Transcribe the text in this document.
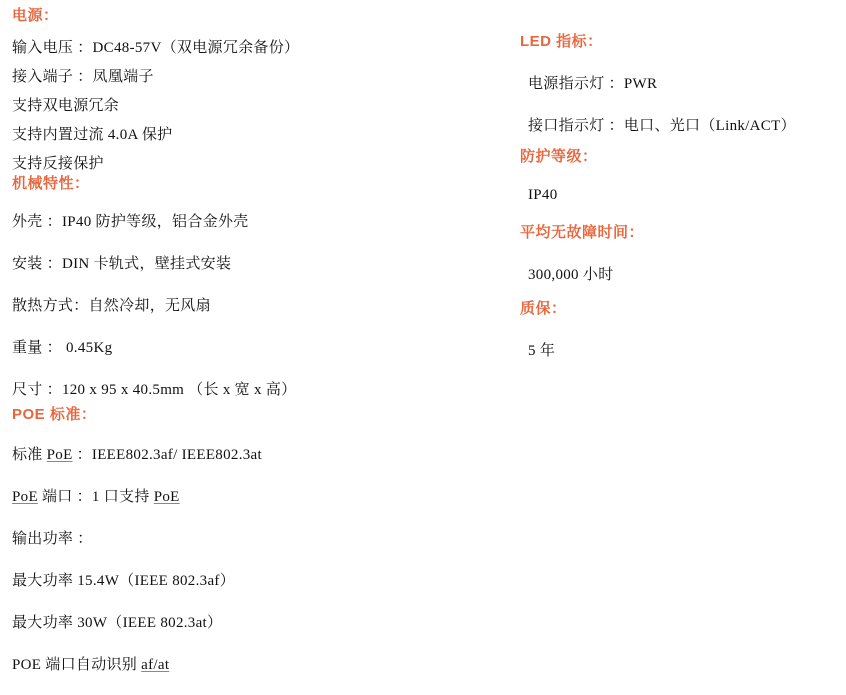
电源：
输入电压 ：DC48-57V（双电源冗余备份）
接入端子 ：凤凰端子
支持双电源冗余
支持内置过流 4.0A 保护
支持反接保护
机械特性：
外壳 ：IP40 防护等级，铝合金外壳
安装 ：DIN 卡轨式，壁挂式安装
散热方式：自然冷却，无风扇
重量 ： 0.45Kg
尺寸 ：120 x 95 x 40.5mm （长 x 宽 x 高）
POE 标准：
标准 PoE ：IEEE802.3af/ IEEE802.3at
PoE 端口 ：1 口支持 PoE
输出功率 ：
最大功率 15.4W（IEEE 802.3af）
最大功率 30W（IEEE 802.3at）
POE 端口自动识别 af/at
LED 指标：
电源指示灯 ：PWR
接口指示灯 ：电口、光口（Link/ACT）
防护等级：
IP40
平均无故障时间：
300,000 小时
质保：
5 年
